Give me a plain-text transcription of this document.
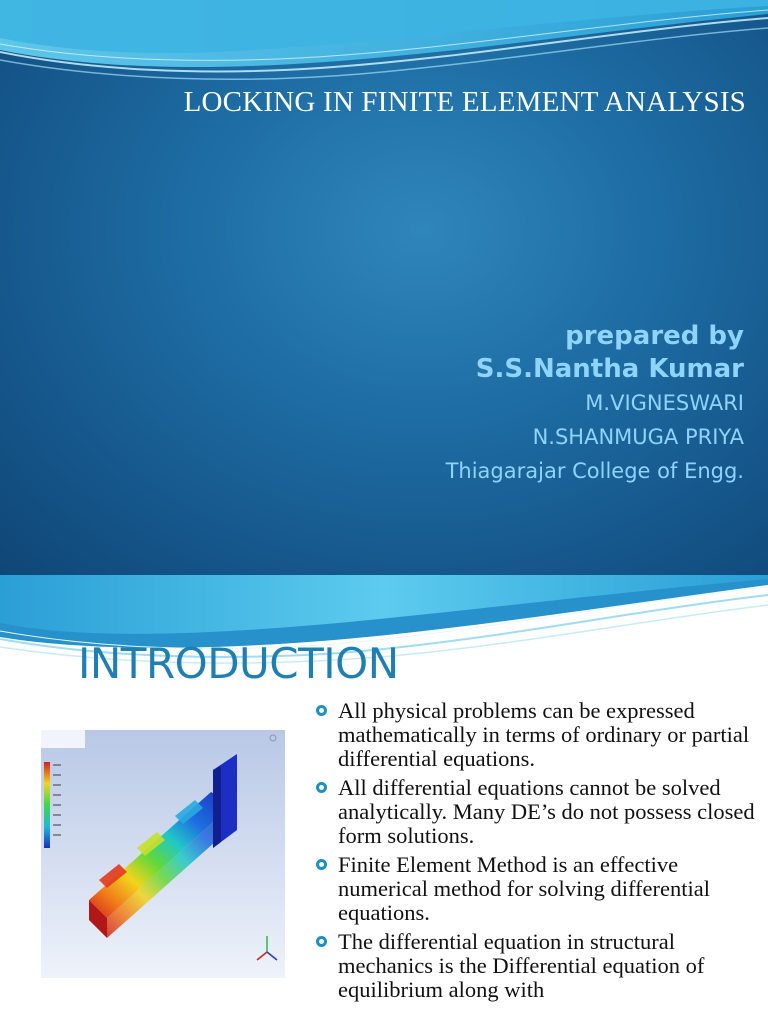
LOCKING IN FINITE ELEMENT ANALYSIS
prepared by
S.S.Nantha Kumar
M.VIGNESWARI
N.SHANMUGA PRIYA
Thiagarajar College of Engg.
INTRODUCTION
All physical problems can be expressed mathematically in terms of ordinary or partial differential equations.
All differential equations cannot be solved analytically. Many DE’s do not possess closed form solutions.
Finite Element Method is an effective numerical method for solving differential equations.
The differential equation in structural mechanics is the Differential equation of equilibrium along with
